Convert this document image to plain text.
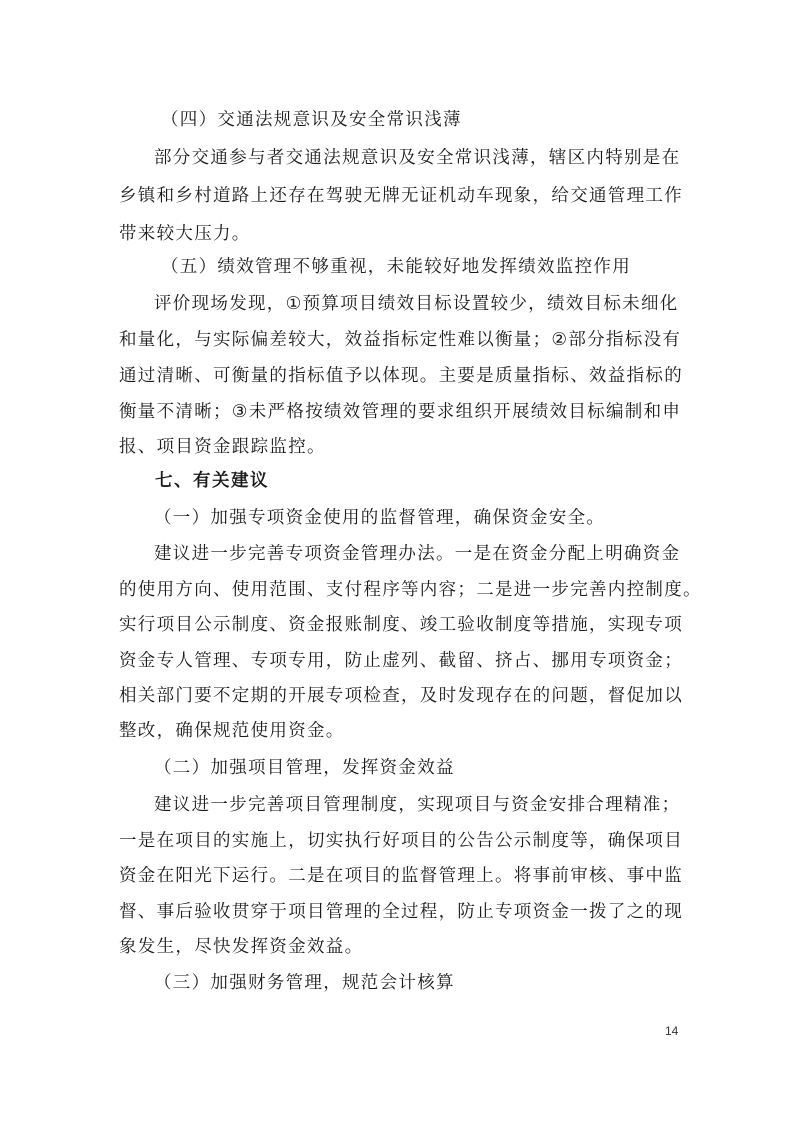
（四）交通法规意识及安全常识浅薄
部分交通参与者交通法规意识及安全常识浅薄，辖区内特别是在
乡镇和乡村道路上还存在驾驶无牌无证机动车现象，给交通管理工作
带来较大压力。
（五）绩效管理不够重视，未能较好地发挥绩效监控作用
评价现场发现，①预算项目绩效目标设置较少，绩效目标未细化
和量化，与实际偏差较大，效益指标定性难以衡量；②部分指标没有
通过清晰、可衡量的指标值予以体现。主要是质量指标、效益指标的
衡量不清晰；③未严格按绩效管理的要求组织开展绩效目标编制和申
报、项目资金跟踪监控。
七、有关建议
（一）加强专项资金使用的监督管理，确保资金安全。
建议进一步完善专项资金管理办法。一是在资金分配上明确资金
的使用方向、使用范围、支付程序等内容；二是进一步完善内控制度。
实行项目公示制度、资金报账制度、竣工验收制度等措施，实现专项
资金专人管理、专项专用，防止虚列、截留、挤占、挪用专项资金；
相关部门要不定期的开展专项检查，及时发现存在的问题，督促加以
整改，确保规范使用资金。
（二）加强项目管理，发挥资金效益
建议进一步完善项目管理制度，实现项目与资金安排合理精准；
一是在项目的实施上，切实执行好项目的公告公示制度等，确保项目
资金在阳光下运行。二是在项目的监督管理上。将事前审核、事中监
督、事后验收贯穿于项目管理的全过程，防止专项资金一拨了之的现
象发生，尽快发挥资金效益。
（三）加强财务管理，规范会计核算
14
